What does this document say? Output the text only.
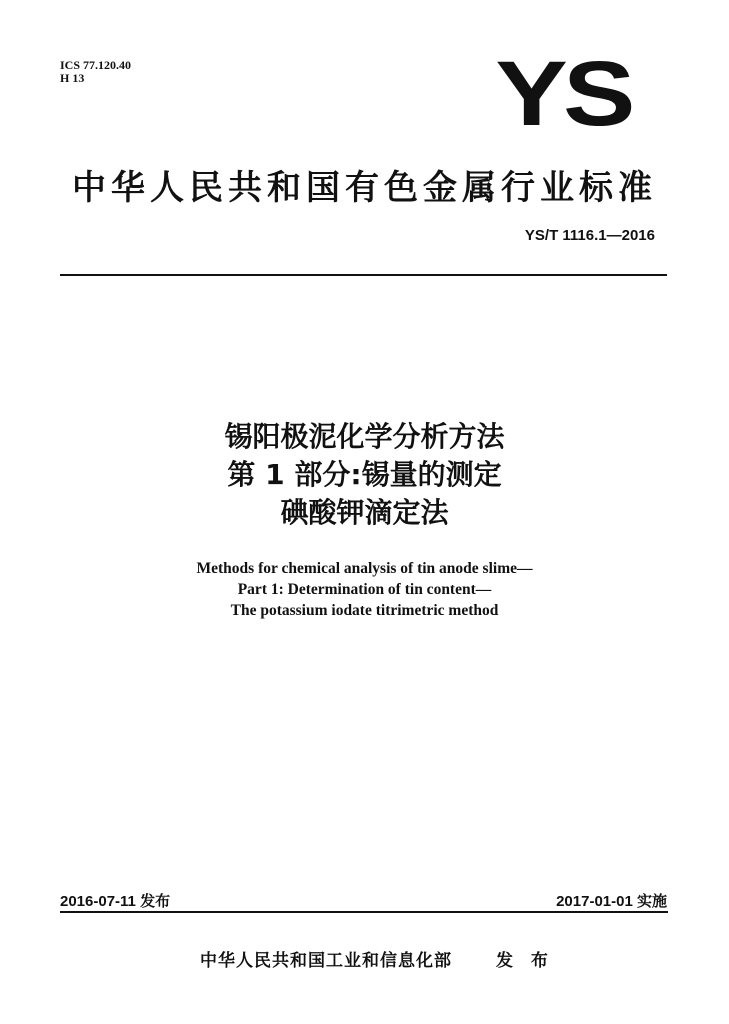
ICS 77.120.40
H 13	YS
中华人民共和国有色金属行业标准
YS/T 1116.1—2016
锡阳极泥化学分析方法
第 1 部分:锡量的测定
碘酸钾滴定法
Methods for chemical analysis of tin anode slime—
Part 1: Determination of tin content—
The potassium iodate titrimetric method
2016-07-11 发布	2017-01-01 实施
中华人民共和国工业和信息化部	发 布
